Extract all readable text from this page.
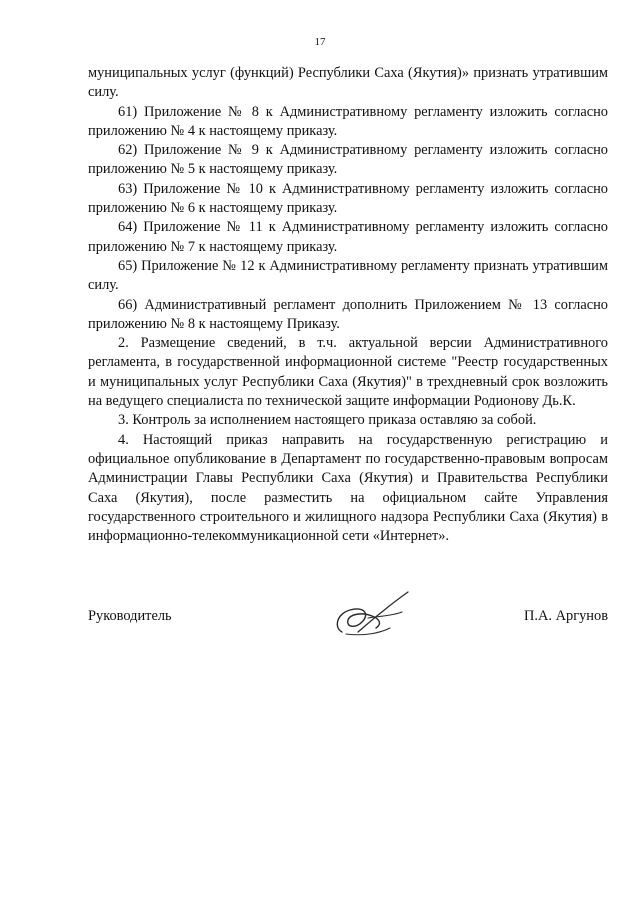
17

муниципальных услуг (функций) Республики Саха (Якутия)» признать утратившим силу.

61) Приложение № 8 к Административному регламенту изложить согласно приложению № 4 к настоящему приказу.

62) Приложение № 9 к Административному регламенту изложить согласно приложению № 5 к настоящему приказу.

63) Приложение № 10 к Административному регламенту изложить согласно приложению № 6 к настоящему приказу.

64) Приложение № 11 к Административному регламенту изложить согласно приложению № 7 к настоящему приказу.

65) Приложение № 12 к Административному регламенту признать утратившим силу.

66) Административный регламент дополнить Приложением № 13 согласно приложению № 8 к настоящему Приказу.

2. Размещение сведений, в т.ч. актуальной версии Административного регламента, в государственной информационной системе "Реестр государственных и муниципальных услуг Республики Саха (Якутия)" в трехдневный срок возложить на ведущего специалиста по технической защите информации Родионову Дь.К.

3. Контроль за исполнением настоящего приказа оставляю за собой.

4. Настоящий приказ направить на государственную регистрацию и официальное опубликование в Департамент по государственно-правовым вопросам Администрации Главы Республики Саха (Якутия) и Правительства Республики Саха (Якутия), после разместить на официальном сайте Управления государственного строительного и жилищного надзора Республики Саха (Якутия) в информационно-телекоммуникационной сети «Интернет».

Руководитель	П.А. Аргунов
